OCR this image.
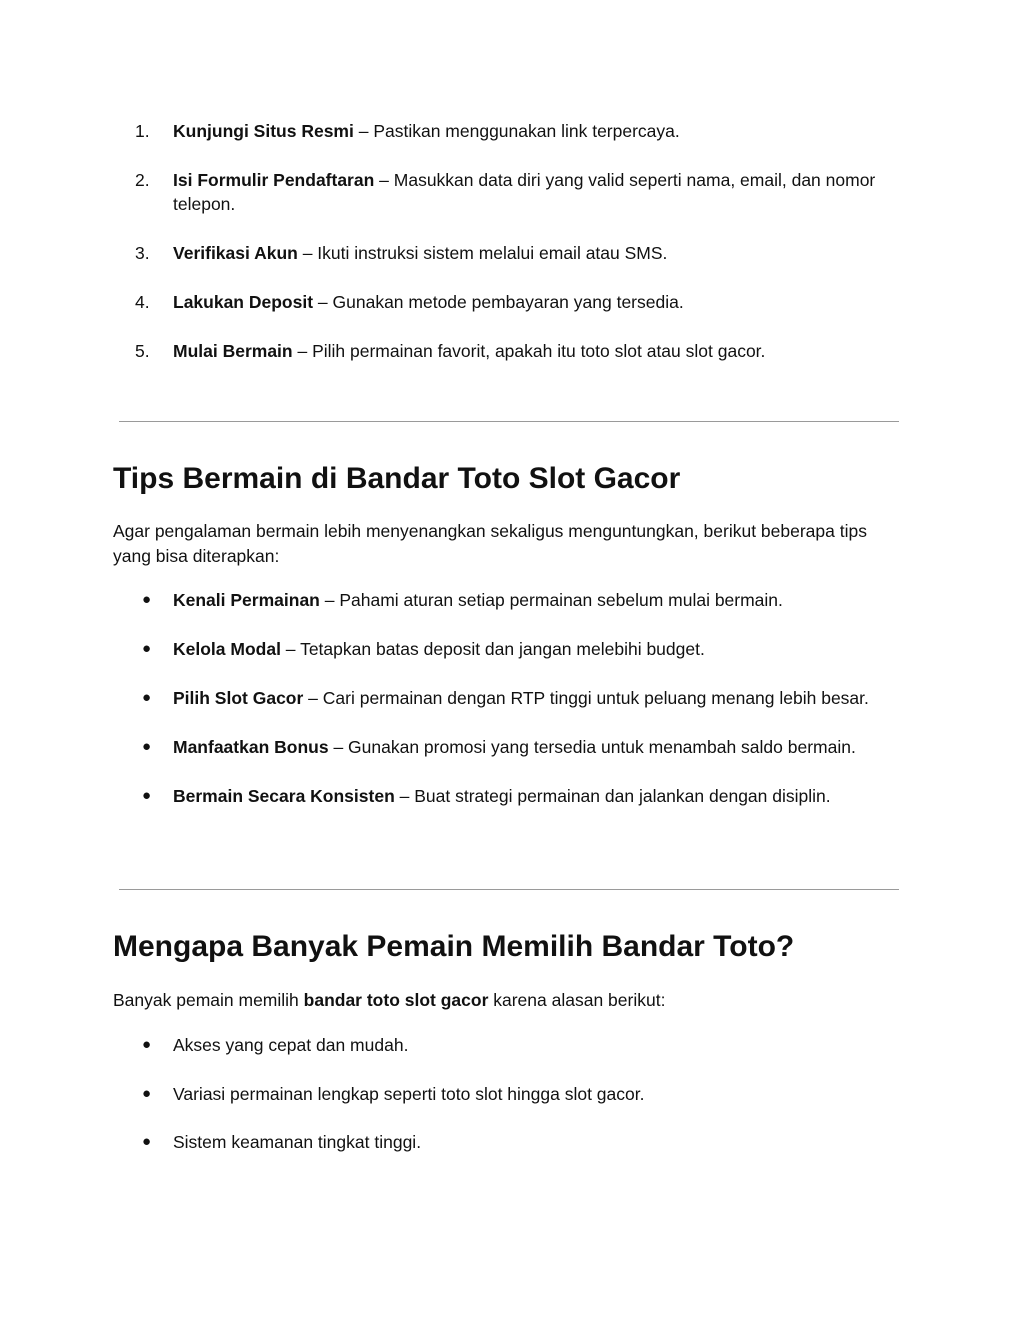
1.	Kunjungi Situs Resmi – Pastikan menggunakan link terpercaya.
2.	Isi Formulir Pendaftaran – Masukkan data diri yang valid seperti nama, email, dan nomor telepon.
3.	Verifikasi Akun – Ikuti instruksi sistem melalui email atau SMS.
4.	Lakukan Deposit – Gunakan metode pembayaran yang tersedia.
5.	Mulai Bermain – Pilih permainan favorit, apakah itu toto slot atau slot gacor.
Tips Bermain di Bandar Toto Slot Gacor

Agar pengalaman bermain lebih menyenangkan sekaligus menguntungkan, berikut beberapa tips yang bisa diterapkan:

●	Kenali Permainan – Pahami aturan setiap permainan sebelum mulai bermain.
●	Kelola Modal – Tetapkan batas deposit dan jangan melebihi budget.
●	Pilih Slot Gacor – Cari permainan dengan RTP tinggi untuk peluang menang lebih besar.
●	Manfaatkan Bonus – Gunakan promosi yang tersedia untuk menambah saldo bermain.
●	Bermain Secara Konsisten – Buat strategi permainan dan jalankan dengan disiplin.
Mengapa Banyak Pemain Memilih Bandar Toto?

Banyak pemain memilih bandar toto slot gacor karena alasan berikut:

●	Akses yang cepat dan mudah.
●	Variasi permainan lengkap seperti toto slot hingga slot gacor.
●	Sistem keamanan tingkat tinggi.
